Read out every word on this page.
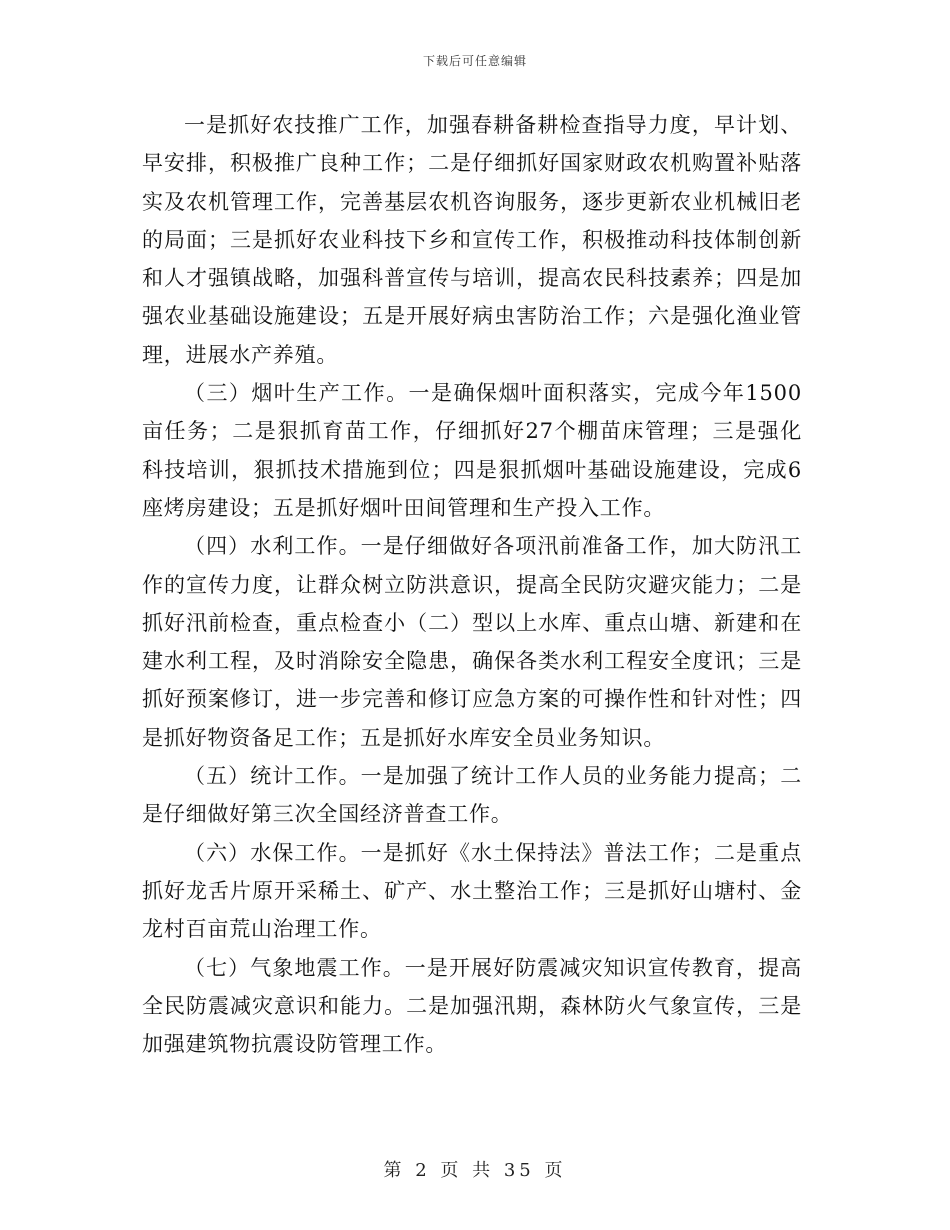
下载后可任意编辑

一是抓好农技推广工作，加强春耕备耕检查指导力度，早计划、早安排，积极推广良种工作；二是仔细抓好国家财政农机购置补贴落实及农机管理工作，完善基层农机咨询服务，逐步更新农业机械旧老的局面；三是抓好农业科技下乡和宣传工作，积极推动科技体制创新和人才强镇战略，加强科普宣传与培训，提高农民科技素养；四是加强农业基础设施建设；五是开展好病虫害防治工作；六是强化渔业管理，进展水产养殖。

（三）烟叶生产工作。一是确保烟叶面积落实，完成今年1500亩任务；二是狠抓育苗工作，仔细抓好27个棚苗床管理；三是强化科技培训，狠抓技术措施到位；四是狠抓烟叶基础设施建设，完成6座烤房建设；五是抓好烟叶田间管理和生产投入工作。

（四）水利工作。一是仔细做好各项汛前准备工作，加大防汛工作的宣传力度，让群众树立防洪意识，提高全民防灾避灾能力；二是抓好汛前检查，重点检查小（二）型以上水库、重点山塘、新建和在建水利工程，及时消除安全隐患，确保各类水利工程安全度讯；三是抓好预案修订，进一步完善和修订应急方案的可操作性和针对性；四是抓好物资备足工作；五是抓好水库安全员业务知识。

（五）统计工作。一是加强了统计工作人员的业务能力提高；二是仔细做好第三次全国经济普查工作。

（六）水保工作。一是抓好《水土保持法》普法工作；二是重点抓好龙舌片原开采稀土、矿产、水土整治工作；三是抓好山塘村、金龙村百亩荒山治理工作。

（七）气象地震工作。一是开展好防震减灾知识宣传教育，提高全民防震减灾意识和能力。二是加强汛期，森林防火气象宣传，三是加强建筑物抗震设防管理工作。

第 2 页 共 35 页
